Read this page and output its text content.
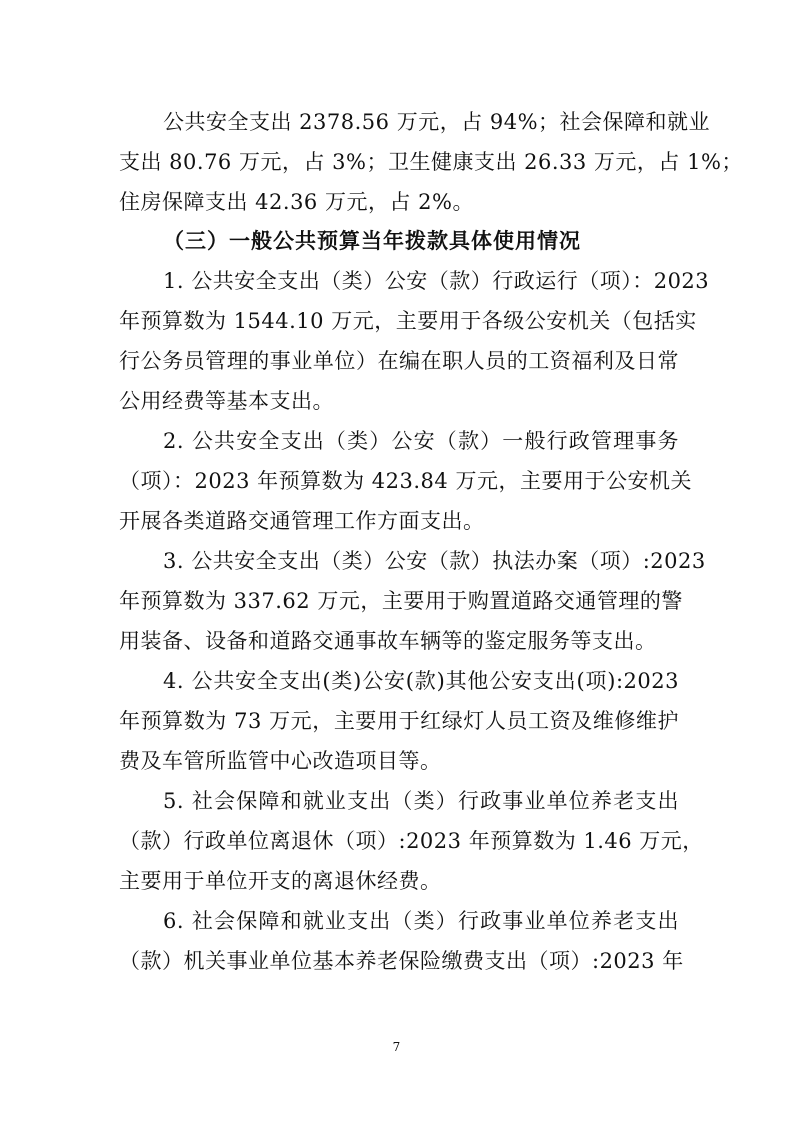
公共安全支出 2378.56 万元，占 94%；社会保障和就业
支出 80.76 万元，占 3%；卫生健康支出 26.33 万元，占 1%；
住房保障支出 42.36 万元，占 2%。
（三）一般公共预算当年拨款具体使用情况
1. 公共安全支出（类）公安（款）行政运行（项）：2023
年预算数为 1544.10 万元，主要用于各级公安机关（包括实
行公务员管理的事业单位）在编在职人员的工资福利及日常
公用经费等基本支出。
2. 公共安全支出（类）公安（款）一般行政管理事务
（项）：2023 年预算数为 423.84 万元，主要用于公安机关
开展各类道路交通管理工作方面支出。
3. 公共安全支出（类）公安（款）执法办案（项）:2023
年预算数为 337.62 万元，主要用于购置道路交通管理的警
用装备、设备和道路交通事故车辆等的鉴定服务等支出。
4. 公共安全支出(类)公安(款)其他公安支出(项):2023
年预算数为 73 万元，主要用于红绿灯人员工资及维修维护
费及车管所监管中心改造项目等。
5. 社会保障和就业支出（类）行政事业单位养老支出
（款）行政单位离退休（项）:2023 年预算数为 1.46 万元，
主要用于单位开支的离退休经费。
6. 社会保障和就业支出（类）行政事业单位养老支出
（款）机关事业单位基本养老保险缴费支出（项）:2023 年
7
